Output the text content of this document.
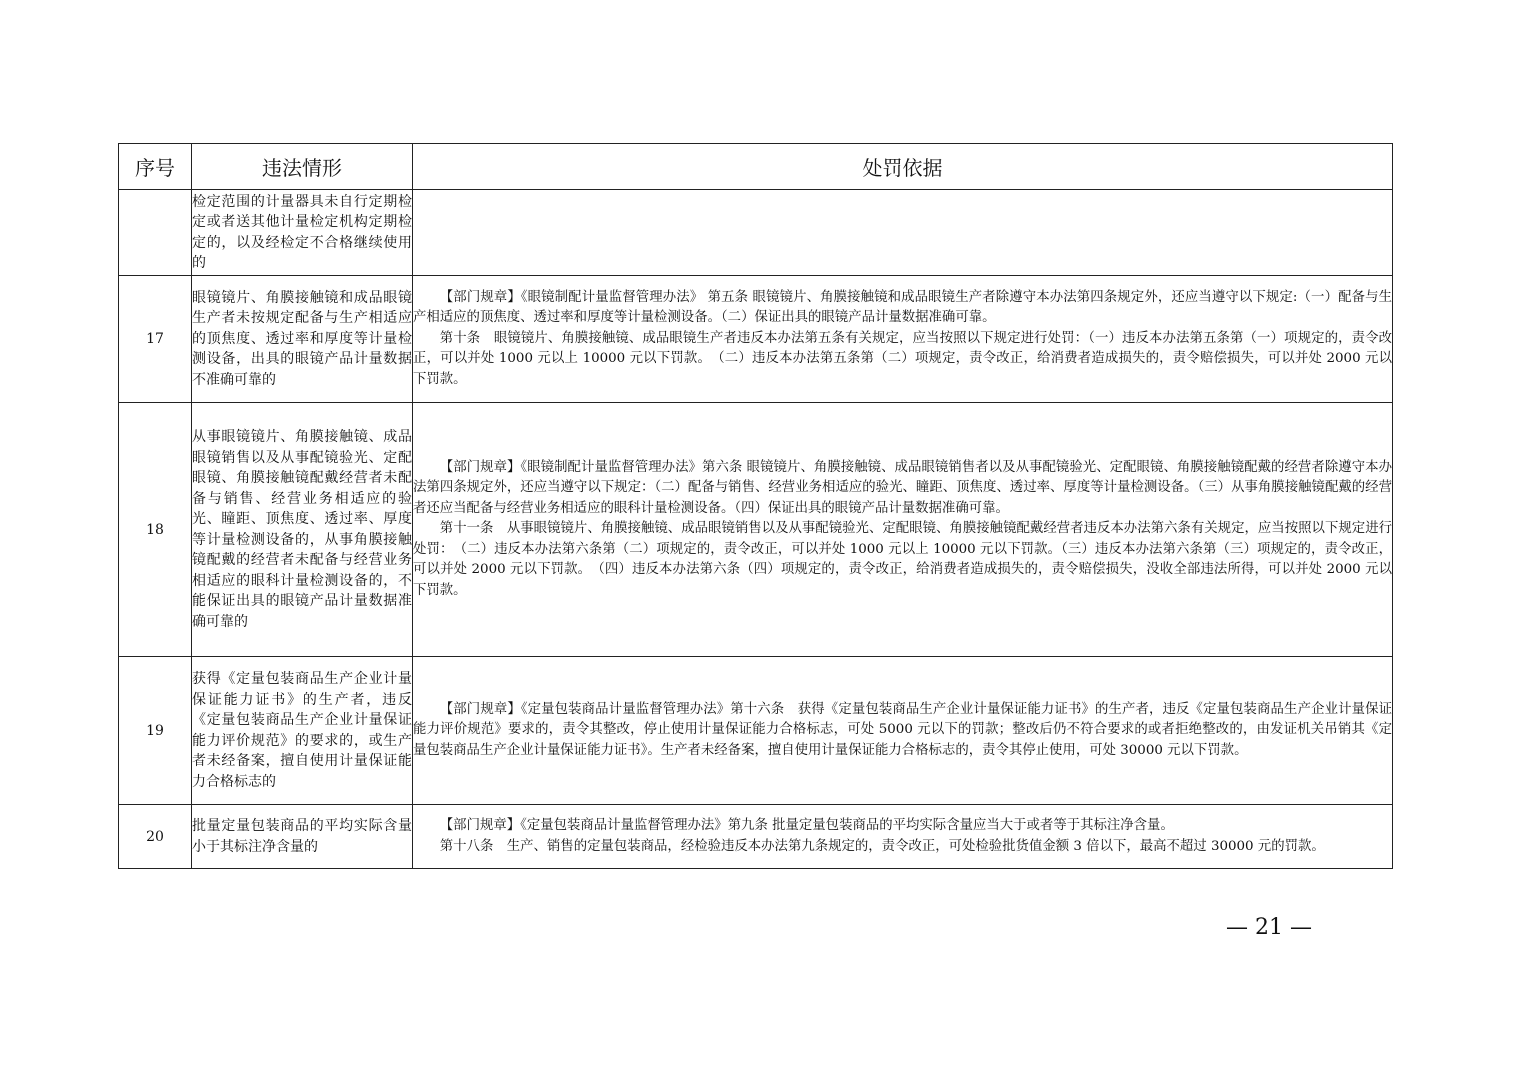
序号	违法情形	处罚依据
	检定范围的计量器具未自行定期检定或者送其他计量检定机构定期检定的，以及经检定不合格继续使用的	
17	眼镜镜片、角膜接触镜和成品眼镜生产者未按规定配备与生产相适应的顶焦度、透过率和厚度等计量检测设备，出具的眼镜产品计量数据不准确可靠的	【部门规章】《眼镜制配计量监督管理办法》 第五条 眼镜镜片、角膜接触镜和成品眼镜生产者除遵守本办法第四条规定外，还应当遵守以下规定:（一）配备与生产相适应的顶焦度、透过率和厚度等计量检测设备。（二）保证出具的眼镜产品计量数据准确可靠。

第十条　眼镜镜片、角膜接触镜、成品眼镜生产者违反本办法第五条有关规定，应当按照以下规定进行处罚：（一）违反本办法第五条第（一）项规定的，责令改正，可以并处 1000 元以上 10000 元以下罚款。　（二）违反本办法第五条第（二）项规定，责令改正，给消费者造成损失的，责令赔偿损失，可以并处 2000 元以下罚款。

18	从事眼镜镜片、角膜接触镜、成品眼镜销售以及从事配镜验光、定配眼镜、角膜接触镜配戴经营者未配备与销售、经营业务相适应的验光、瞳距、顶焦度、透过率、厚度等计量检测设备的，从事角膜接触镜配戴的经营者未配备与经营业务相适应的眼科计量检测设备的，不能保证出具的眼镜产品计量数据准确可靠的	【部门规章】《眼镜制配计量监督管理办法》第六条 眼镜镜片、角膜接触镜、成品眼镜销售者以及从事配镜验光、定配眼镜、角膜接触镜配戴的经营者除遵守本办法第四条规定外，还应当遵守以下规定：（二）配备与销售、经营业务相适应的验光、瞳距、顶焦度、透过率、厚度等计量检测设备。（三）从事角膜接触镜配戴的经营者还应当配备与经营业务相适应的眼科计量检测设备。（四）保证出具的眼镜产品计量数据准确可靠。

第十一条　从事眼镜镜片、角膜接触镜、成品眼镜销售以及从事配镜验光、定配眼镜、角膜接触镜配戴经营者违反本办法第六条有关规定，应当按照以下规定进行处罚：　（二）违反本办法第六条第（二）项规定的，责令改正，可以并处 1000 元以上 10000 元以下罚款。（三）违反本办法第六条第（三）项规定的，责令改正，可以并处 2000 元以下罚款。　（四）违反本办法第六条（四）项规定的，责令改正，给消费者造成损失的，责令赔偿损失，没收全部违法所得，可以并处 2000 元以下罚款。

19	获得《定量包装商品生产企业计量保证能力证书》的生产者，违反《定量包装商品生产企业计量保证能力评价规范》的要求的，或生产者未经备案，擅自使用计量保证能力合格标志的	【部门规章】《定量包装商品计量监督管理办法》第十六条　获得《定量包装商品生产企业计量保证能力证书》的生产者，违反《定量包装商品生产企业计量保证能力评价规范》要求的，责令其整改，停止使用计量保证能力合格标志，可处 5000 元以下的罚款；整改后仍不符合要求的或者拒绝整改的，由发证机关吊销其《定量包装商品生产企业计量保证能力证书》。生产者未经备案，擅自使用计量保证能力合格标志的，责令其停止使用，可处 30000 元以下罚款。

20	批量定量包装商品的平均实际含量小于其标注净含量的	【部门规章】《定量包装商品计量监督管理办法》第九条 批量定量包装商品的平均实际含量应当大于或者等于其标注净含量。

第十八条　生产、销售的定量包装商品，经检验违反本办法第九条规定的，责令改正，可处检验批货值金额 3 倍以下，最高不超过 30000 元的罚款。

— 21 —
